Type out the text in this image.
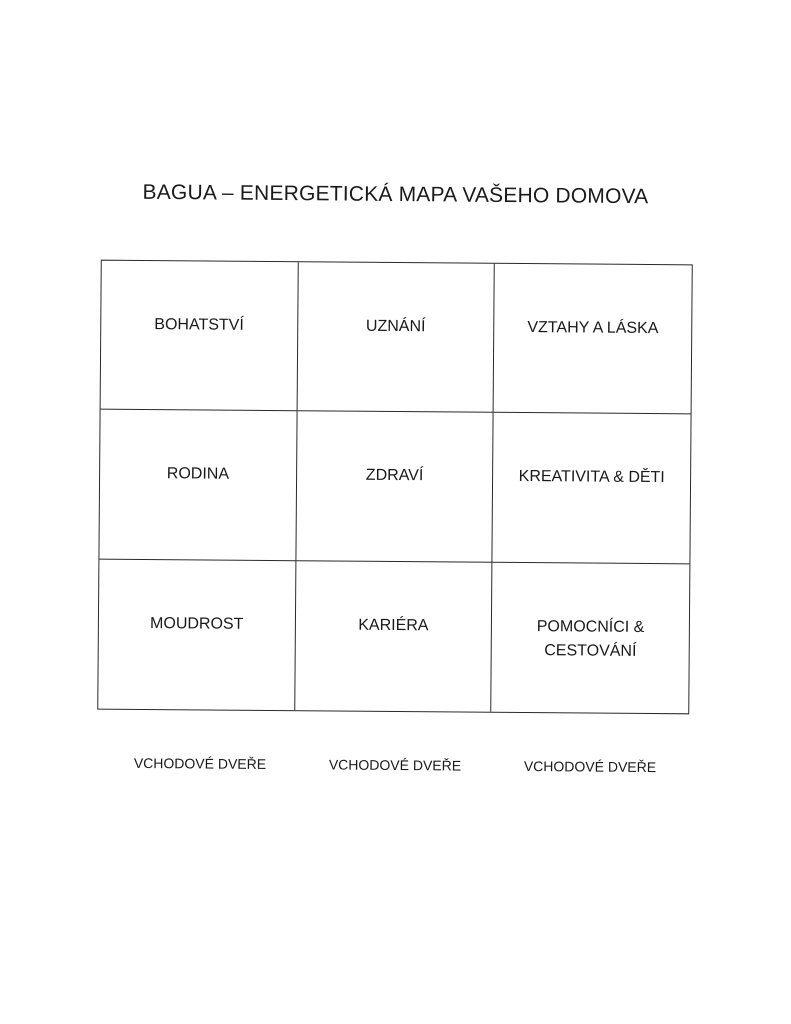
BAGUA – ENERGETICKÁ MAPA VAŠEHO DOMOVA
BOHATSTVÍ	UZNÁNÍ	VZTAHY A LÁSKA
RODINA	ZDRAVÍ	KREATIVITA & DĚTI
MOUDROST	KARIÉRA	POMOCNÍCI &
CESTOVÁNÍ
VCHODOVÉ DVEŘE	VCHODOVÉ DVEŘE	VCHODOVÉ DVEŘE
